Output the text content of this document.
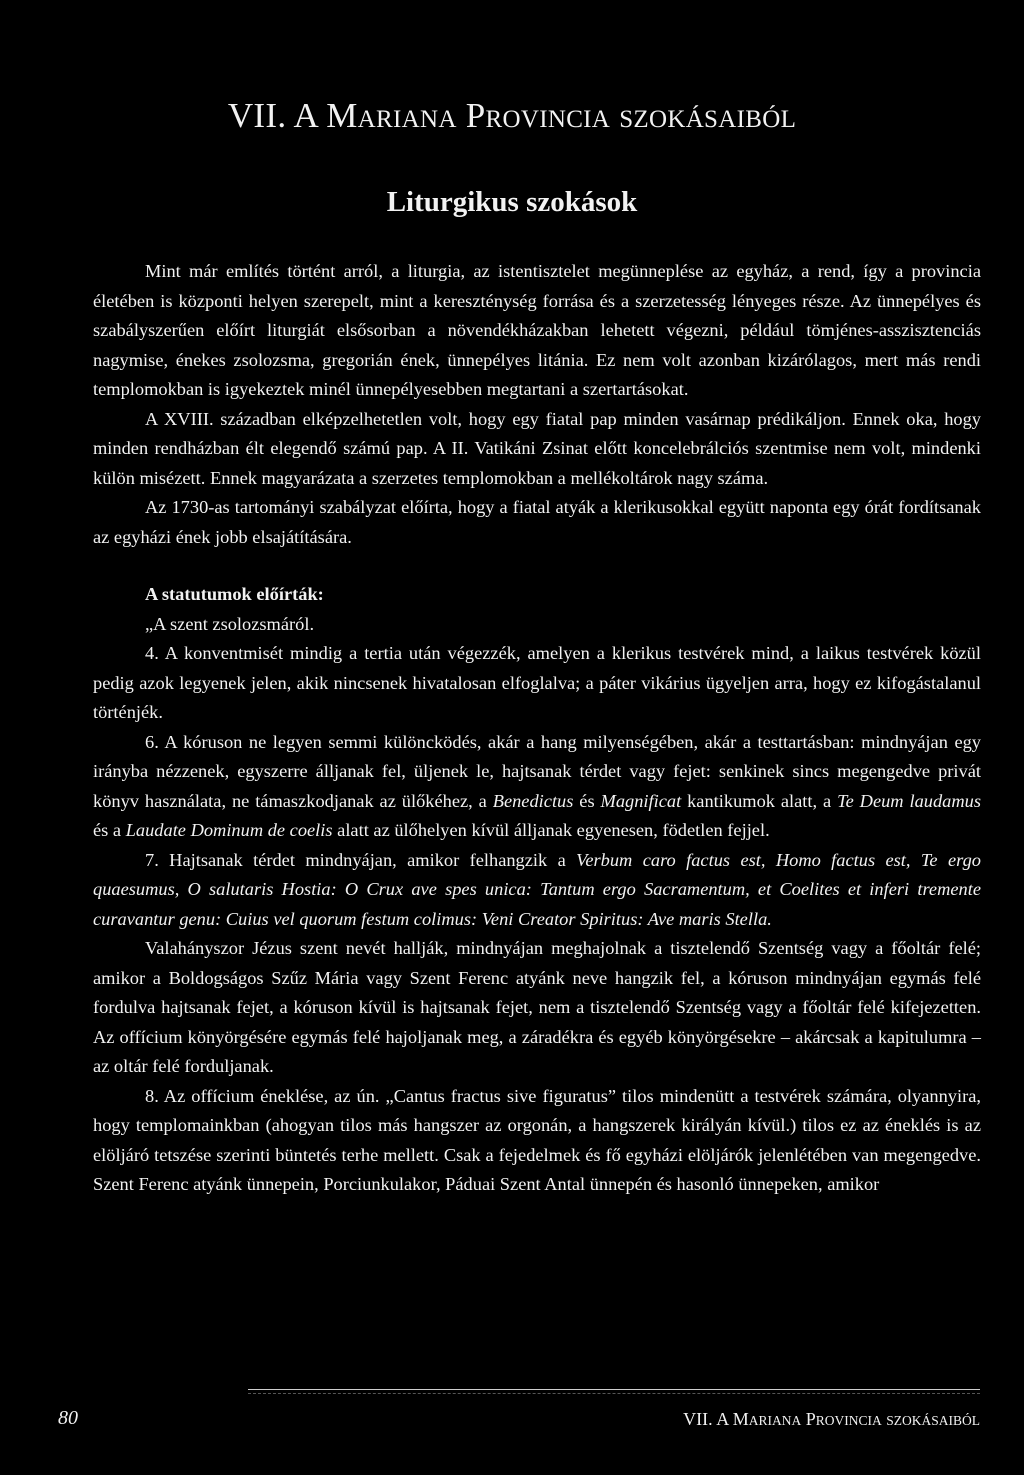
VII. A MARIANA PROVINCIA SZOKÁSAIBÓL
Liturgikus szokások

Mint már említés történt arról, a liturgia, az istentisztelet megünneplése az egyház, a rend, így a provincia életében is központi helyen szerepelt, mint a kereszténység forrása és a szerzetesség lényeges része. Az ünnepélyes és szabályszerűen előírt liturgiát elsősorban a növendékházakban lehetett végezni, például tömjénes-asszisztenciás nagymise, énekes zsolozsma, gregorián ének, ünnepélyes litánia. Ez nem volt azonban kizárólagos, mert más rendi templomokban is igyekeztek minél ünnepélyesebben megtartani a szertartásokat.

A XVIII. században elképzelhetetlen volt, hogy egy fiatal pap minden vasárnap prédikáljon. Ennek oka, hogy minden rendházban élt elegendő számú pap. A II. Vatikáni Zsinat előtt koncelebrálciós szentmise nem volt, mindenki külön misézett. Ennek magyarázata a szerzetes templomokban a mellékoltárok nagy száma.

Az 1730-as tartományi szabályzat előírta, hogy a fiatal atyák a klerikusokkal együtt naponta egy órát fordítsanak az egyházi ének jobb elsajátítására.

A statutumok előírták:

„A szent zsolozsmáról.

4. A konventmisét mindig a tertia után végezzék, amelyen a klerikus testvérek mind, a laikus testvérek közül pedig azok legyenek jelen, akik nincsenek hivatalosan elfoglalva; a páter vikárius ügyeljen arra, hogy ez kifogástalanul történjék.

6. A kóruson ne legyen semmi különcködés, akár a hang milyenségében, akár a testtartásban: mindnyájan egy irányba nézzenek, egyszerre álljanak fel, üljenek le, hajtsanak térdet vagy fejet: senkinek sincs megengedve privát könyv használata, ne támaszkodjanak az ülőkéhez, a Benedictus és Magnificat kantikumok alatt, a Te Deum laudamus és a Laudate Dominum de coelis alatt az ülőhelyen kívül álljanak egyenesen, födetlen fejjel.

7. Hajtsanak térdet mindnyájan, amikor felhangzik a Verbum caro factus est, Homo factus est, Te ergo quaesumus, O salutaris Hostia: O Crux ave spes unica: Tantum ergo Sacramentum, et Coelites et inferi tremente curavantur genu: Cuius vel quorum festum colimus: Veni Creator Spiritus: Ave maris Stella.

Valahányszor Jézus szent nevét hallják, mindnyájan meghajolnak a tisztelendő Szentség vagy a főoltár felé; amikor a Boldogságos Szűz Mária vagy Szent Ferenc atyánk neve hangzik fel, a kóruson mindnyájan egymás felé fordulva hajtsanak fejet, a kóruson kívül is hajtsanak fejet, nem a tisztelendő Szentség vagy a főoltár felé kifejezetten. Az offícium könyörgésére egymás felé hajoljanak meg, a záradékra és egyéb könyörgésekre – akárcsak a kapitulumra – az oltár felé forduljanak.

8. Az offícium éneklése, az ún. „Cantus fractus sive figuratus” tilos mindenütt a testvérek számára, olyannyira, hogy templomainkban (ahogyan tilos más hangszer az orgonán, a hangszerek királyán kívül.) tilos ez az éneklés is az elöljáró tetszése szerinti büntetés terhe mellett. Csak a fejedelmek és fő egyházi elöljárók jelenlétében van megengedve. Szent Ferenc atyánk ünnepein, Porciunkulakor, Páduai Szent Antal ünnepén és hasonló ünnepeken, amikor

80	VII. A MARIANA PROVINCIA SZOKÁSAIBÓL
